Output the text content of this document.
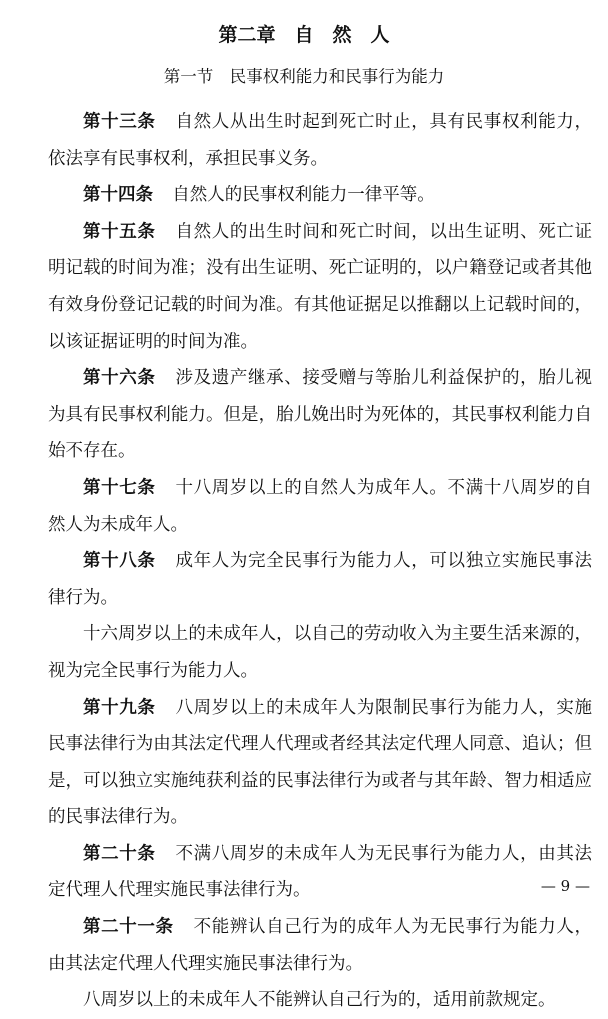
第二章　自　然　人
第一节　民事权利能力和民事行为能力

第十三条 自然人从出生时起到死亡时止，具有民事权利能力，依法享有民事权利，承担民事义务。

第十四条 自然人的民事权利能力一律平等。

第十五条 自然人的出生时间和死亡时间，以出生证明、死亡证明记载的时间为准；没有出生证明、死亡证明的，以户籍登记或者其他有效身份登记记载的时间为准。有其他证据足以推翻以上记载时间的，以该证据证明的时间为准。

第十六条 涉及遗产继承、接受赠与等胎儿利益保护的，胎儿视为具有民事权利能力。但是，胎儿娩出时为死体的，其民事权利能力自始不存在。

第十七条 十八周岁以上的自然人为成年人。不满十八周岁的自然人为未成年人。

第十八条 成年人为完全民事行为能力人，可以独立实施民事法律行为。

十六周岁以上的未成年人，以自己的劳动收入为主要生活来源的，视为完全民事行为能力人。

第十九条 八周岁以上的未成年人为限制民事行为能力人，实施民事法律行为由其法定代理人代理或者经其法定代理人同意、追认；但是，可以独立实施纯获利益的民事法律行为或者与其年龄、智力相适应的民事法律行为。

第二十条 不满八周岁的未成年人为无民事行为能力人，由其法定代理人代理实施民事法律行为。

第二十一条 不能辨认自己行为的成年人为无民事行为能力人，由其法定代理人代理实施民事法律行为。

八周岁以上的未成年人不能辨认自己行为的，适用前款规定。

— 9 —
